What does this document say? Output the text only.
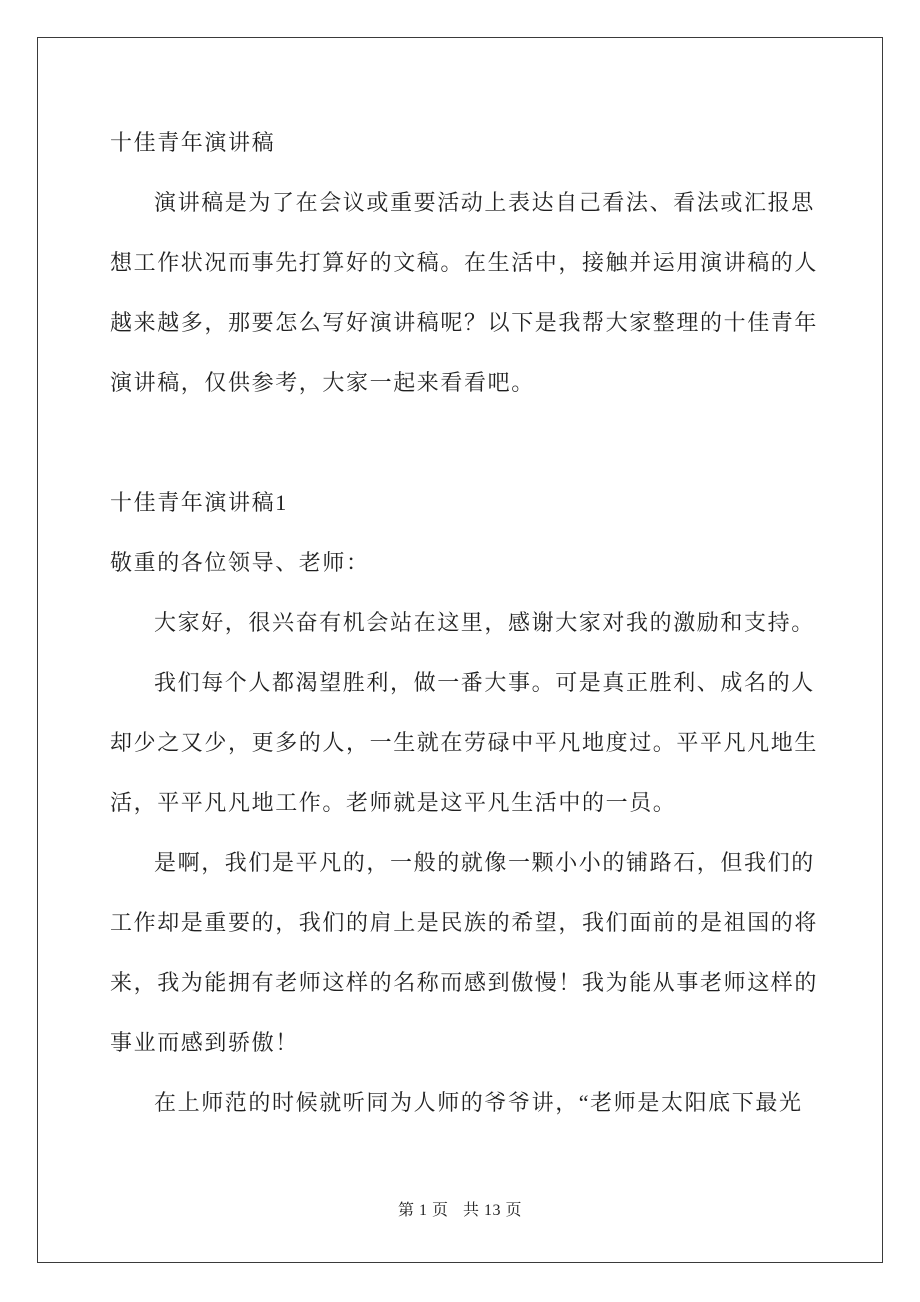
十佳青年演讲稿
演讲稿是为了在会议或重要活动上表达自己看法、看法或汇报思
想工作状况而事先打算好的文稿。在生活中，接触并运用演讲稿的人
越来越多，那要怎么写好演讲稿呢？以下是我帮大家整理的十佳青年
演讲稿，仅供参考，大家一起来看看吧。
十佳青年演讲稿1
敬重的各位领导、老师：
大家好，很兴奋有机会站在这里，感谢大家对我的激励和支持。
我们每个人都渴望胜利，做一番大事。可是真正胜利、成名的人
却少之又少，更多的人，一生就在劳碌中平凡地度过。平平凡凡地生
活，平平凡凡地工作。老师就是这平凡生活中的一员。
是啊，我们是平凡的，一般的就像一颗小小的铺路石，但我们的
工作却是重要的，我们的肩上是民族的希望，我们面前的是祖国的将
来，我为能拥有老师这样的名称而感到傲慢！我为能从事老师这样的
事业而感到骄傲！
在上师范的时候就听同为人师的爷爷讲，“老师是太阳底下最光
第 1 页 共 13 页
